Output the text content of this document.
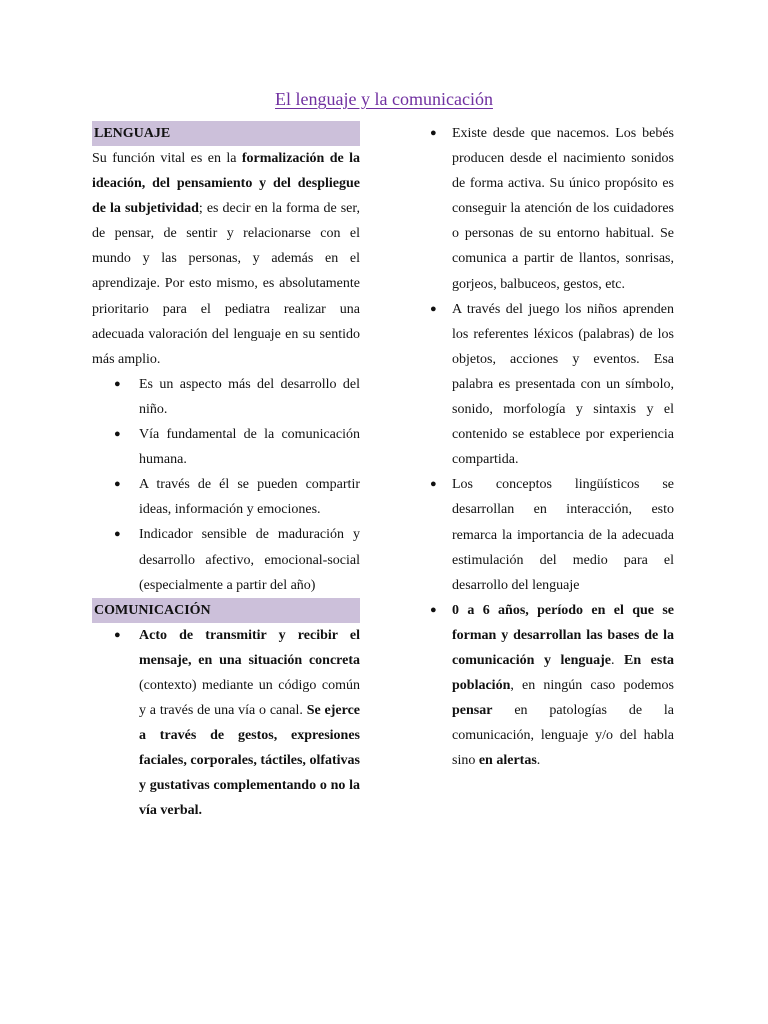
El lenguaje y la comunicación
LENGUAJE

Su función vital es en la formalización de la ideación, del pensamiento y del despliegue de la subjetividad; es decir en la forma de ser, de pensar, de sentir y relacionarse con el mundo y las personas, y además en el aprendizaje. Por esto mismo, es absolutamente prioritario para el pediatra realizar una adecuada valoración del lenguaje en su sentido más amplio.

● Es un aspecto más del desarrollo del niño.
● Vía fundamental de la comunicación humana.
● A través de él se pueden compartir ideas, información y emociones.
● Indicador sensible de maduración y desarrollo afectivo, emocional-social (especialmente a partir del año)
COMUNICACIÓN
● Acto de transmitir y recibir el mensaje, en una situación concreta (contexto) mediante un código común y a través de una vía o canal. Se ejerce a través de gestos, expresiones faciales, corporales, táctiles, olfativas y gustativas complementando o no la vía verbal.
● Existe desde que nacemos. Los bebés producen desde el nacimiento sonidos de forma activa. Su único propósito es conseguir la atención de los cuidadores o personas de su entorno habitual. Se comunica a partir de llantos, sonrisas, gorjeos, balbuceos, gestos, etc.
● A través del juego los niños aprenden los referentes léxicos (palabras) de los objetos, acciones y eventos. Esa palabra es presentada con un símbolo, sonido, morfología y sintaxis y el contenido se establece por experiencia compartida.
● Los conceptos lingüísticos se desarrollan en interacción, esto remarca la importancia de la adecuada estimulación del medio para el desarrollo del lenguaje
● 0 a 6 años, período en el que se forman y desarrollan las bases de la comunicación y lenguaje. En esta población, en ningún caso podemos pensar en patologías de la comunicación, lenguaje y/o del habla sino en alertas.
